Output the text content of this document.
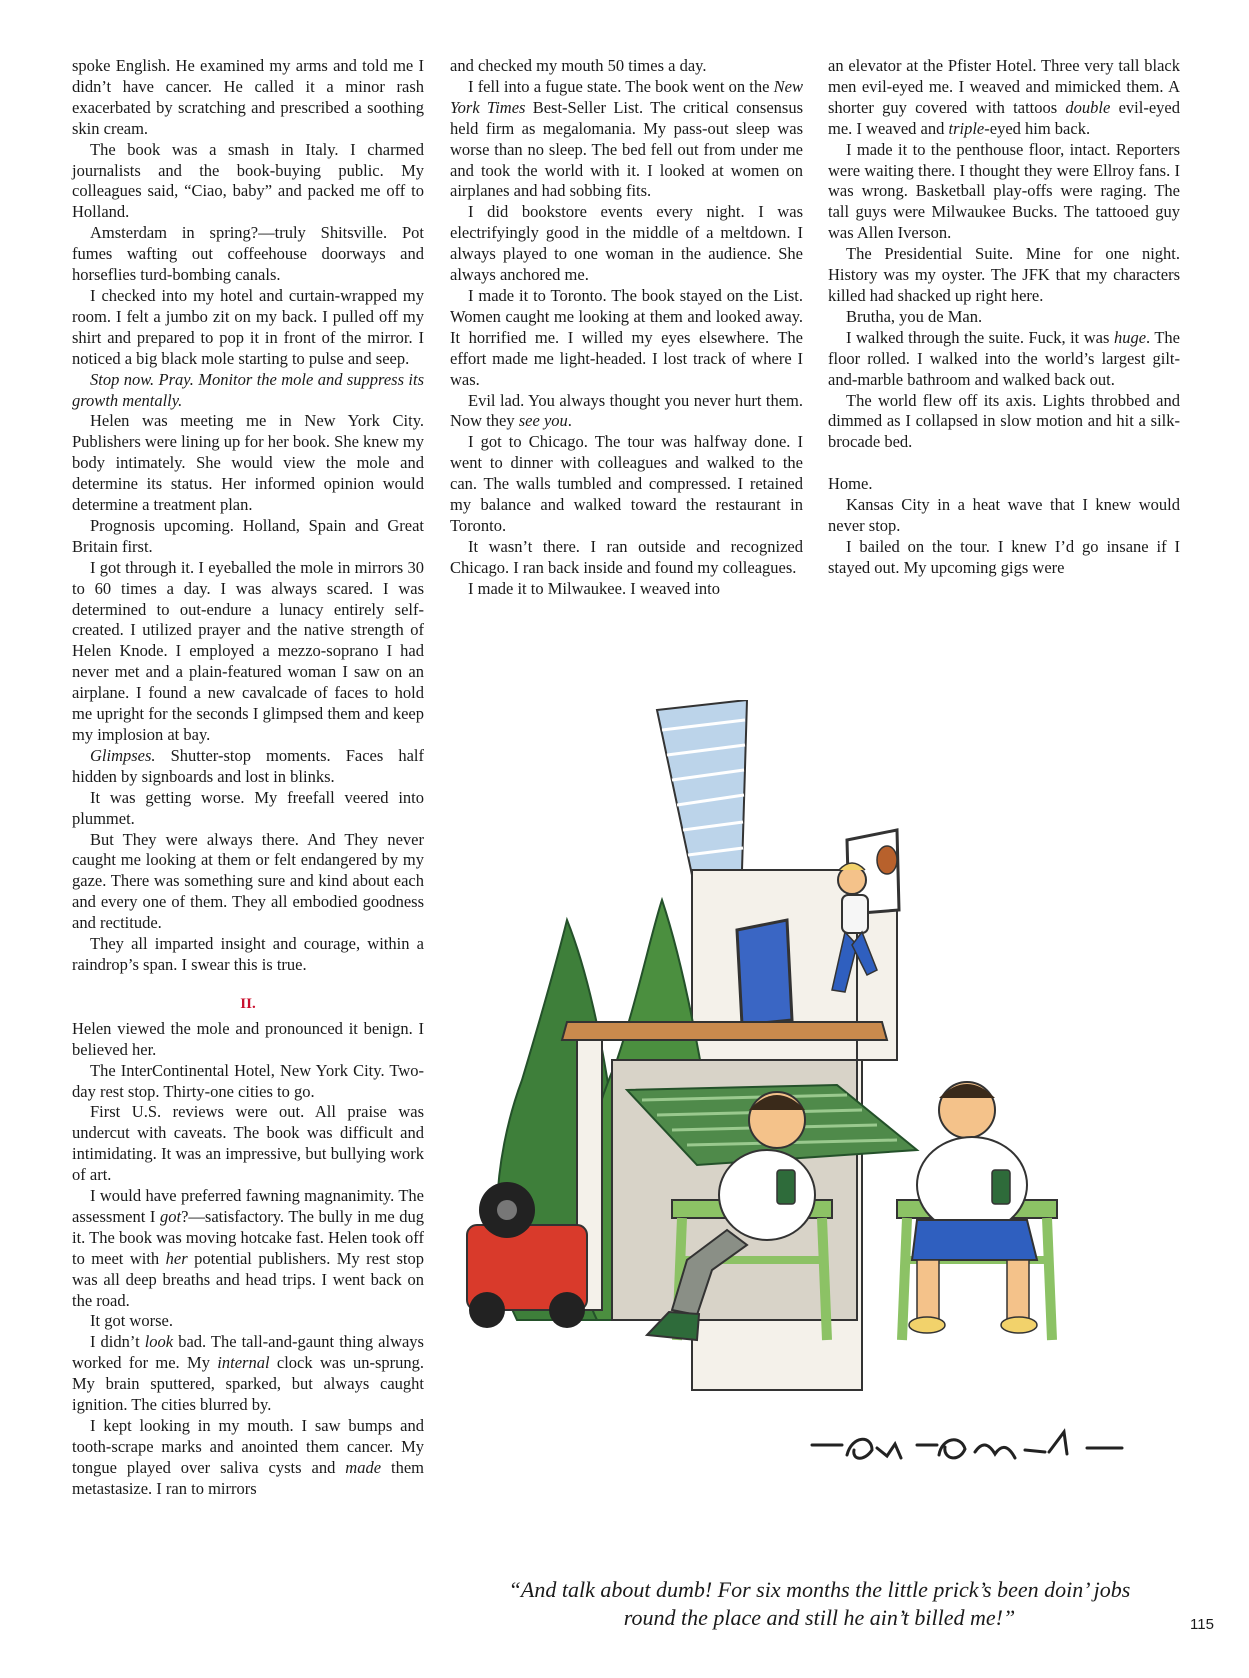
spoke English. He examined my arms and told me I didn’t have cancer. He called it a minor rash exacerbated by scratching and prescribed a soothing skin cream.

The book was a smash in Italy. I charmed journalists and the book-buying public. My colleagues said, “Ciao, baby” and packed me off to Holland.

Amsterdam in spring?—truly Shitsville. Pot fumes wafting out coffeehouse doorways and horseflies turd-bombing canals.

I checked into my hotel and curtain-wrapped my room. I felt a jumbo zit on my back. I pulled off my shirt and prepared to pop it in front of the mirror. I noticed a big black mole starting to pulse and seep.

Stop now. Pray. Monitor the mole and suppress its growth mentally.

Helen was meeting me in New York City. Publishers were lining up for her book. She knew my body intimately. She would view the mole and determine its status. Her informed opinion would determine a treatment plan.

Prognosis upcoming. Holland, Spain and Great Britain first.

I got through it. I eyeballed the mole in mirrors 30 to 60 times a day. I was always scared. I was determined to out-endure a lunacy entirely self-created. I utilized prayer and the native strength of Helen Knode. I employed a mezzo-soprano I had never met and a plain-featured woman I saw on an airplane. I found a new cavalcade of faces to hold me upright for the seconds I glimpsed them and keep my implosion at bay.

Glimpses. Shutter-stop moments. Faces half hidden by signboards and lost in blinks.

It was getting worse. My freefall veered into plummet.

But They were always there. And They never caught me looking at them or felt endangered by my gaze. There was something sure and kind about each and every one of them. They all embodied goodness and rectitude.

They all imparted insight and courage, within a raindrop’s span. I swear this is true.

II.

Helen viewed the mole and pronounced it benign. I believed her.

The InterContinental Hotel, New York City. Two-day rest stop. Thirty-one cities to go.

First U.S. reviews were out. All praise was undercut with caveats. The book was difficult and intimidating. It was an impressive, but bullying work of art.

I would have preferred fawning magnanimity. The assessment I got?—satisfactory. The bully in me dug it. The book was moving hotcake fast. Helen took off to meet with her potential publishers. My rest stop was all deep breaths and head trips. I went back on the road.

It got worse.

I didn’t look bad. The tall-and-gaunt thing always worked for me. My internal clock was un-sprung. My brain sputtered, sparked, but always caught ignition. The cities blurred by.

I kept looking in my mouth. I saw bumps and tooth-scrape marks and anointed them cancer. My tongue played over saliva cysts and made them metastasize. I ran to mirrors

and checked my mouth 50 times a day.

I fell into a fugue state. The book went on the New York Times Best-Seller List. The critical consensus held firm as megalomania. My pass-out sleep was worse than no sleep. The bed fell out from under me and took the world with it. I looked at women on airplanes and had sobbing fits.

I did bookstore events every night. I was electrifyingly good in the middle of a meltdown. I always played to one woman in the audience. She always anchored me.

I made it to Toronto. The book stayed on the List. Women caught me looking at them and looked away. It horrified me. I willed my eyes elsewhere. The effort made me light-headed. I lost track of where I was.

Evil lad. You always thought you never hurt them. Now they see you.

I got to Chicago. The tour was halfway done. I went to dinner with colleagues and walked to the can. The walls tumbled and compressed. I retained my balance and walked toward the restaurant in Toronto.

It wasn’t there. I ran outside and recognized Chicago. I ran back inside and found my colleagues.

I made it to Milwaukee. I weaved into

an elevator at the Pfister Hotel. Three very tall black men evil-eyed me. I weaved and mimicked them. A shorter guy covered with tattoos double evil-eyed me. I weaved and triple-eyed him back.

I made it to the penthouse floor, intact. Reporters were waiting there. I thought they were Ellroy fans. I was wrong. Basketball play-offs were raging. The tall guys were Milwaukee Bucks. The tattooed guy was Allen Iverson.

The Presidential Suite. Mine for one night. History was my oyster. The JFK that my characters killed had shacked up right here.

Brutha, you de Man.

I walked through the suite. Fuck, it was huge. The floor rolled. I walked into the world’s largest gilt-and-marble bathroom and walked back out.

The world flew off its axis. Lights throbbed and dimmed as I collapsed in slow motion and hit a silk-brocade bed.

Home.

Kansas City in a heat wave that I knew would never stop.

I bailed on the tour. I knew I’d go insane if I stayed out. My upcoming gigs were

“And talk about dumb! For six months the little prick’s been doin’ jobs
round the place and still he ain’t billed me!”	115
